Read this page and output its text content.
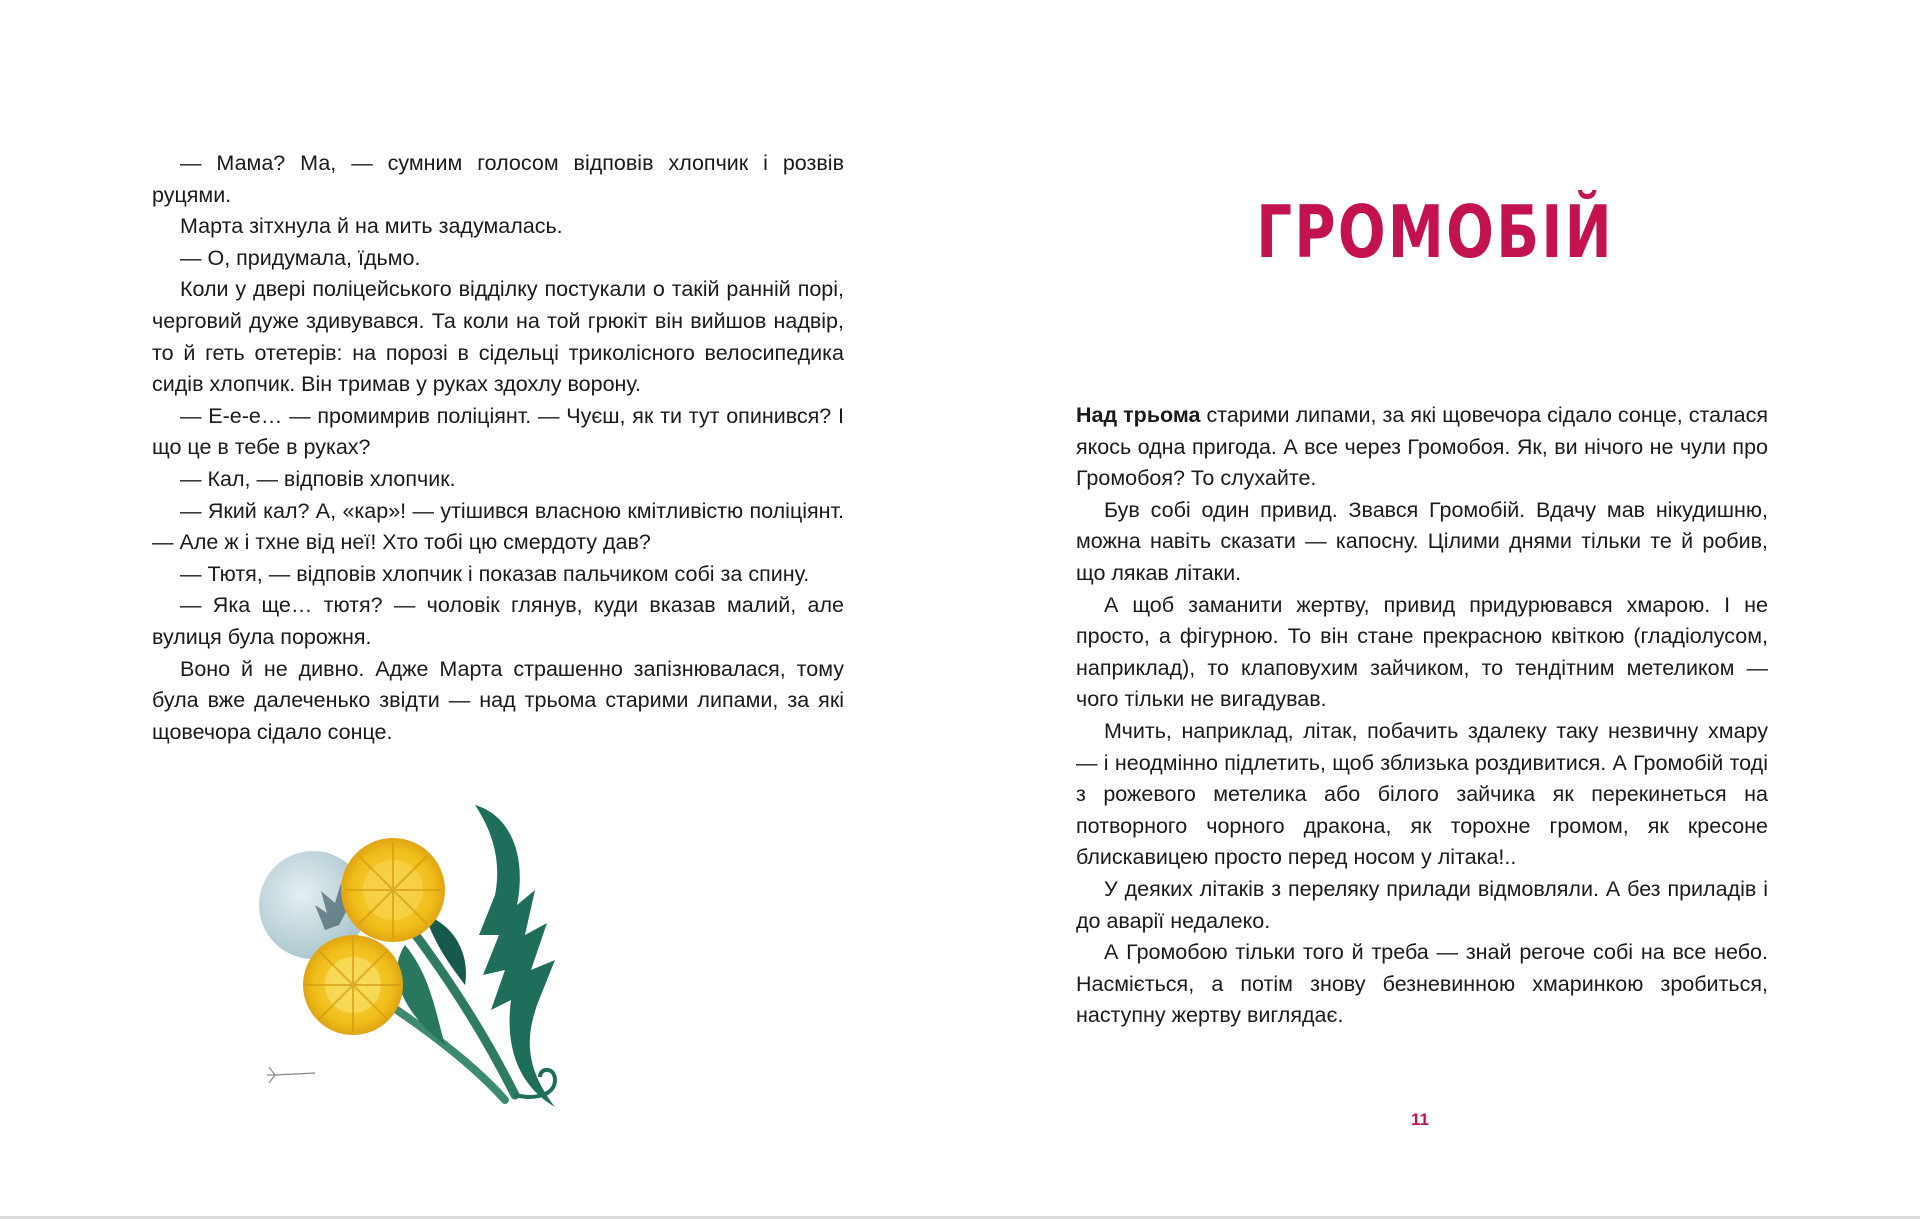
— Мама? Ма, — сумним голосом відповів хлопчик і розвів руцями.

Марта зітхнула й на мить задумалась.

— О, придумала, їдьмо.

Коли у двері поліцейського відділку постукали о такій ранній порі, черговий дуже здивувався. Та коли на той грюкіт він вийшов надвір, то й геть отетерів: на порозі в сідельці триколісного велосипедика сидів хлопчик. Він тримав у руках здохлу ворону.

— Е-е-е… — промимрив поліціянт. — Чуєш, як ти тут опинився? І що це в тебе в руках?

— Кал, — відповів хлопчик.

— Який кал? А, «кар»! — утішився власною кмітливістю поліціянт. — Але ж і тхне від неї! Хто тобі цю смердоту дав?

— Тютя, — відповів хлопчик і показав пальчиком собі за спину.

— Яка ще… тютя? — чоловік глянув, куди вказав малий, але вулиця була порожня.

Воно й не дивно. Адже Марта страшенно запізнювалася, тому була вже далеченько звідти — над трьома старими липами, за які щовечора сідало сонце.

ГРОМОБІЙ

Над трьома старими липами, за які щовечора сідало сонце, сталася якось одна пригода. А все через Громобоя. Як, ви нічого не чули про Громобоя? То слухайте.

Був собі один привид. Звався Громобій. Вдачу мав нікудишню, можна навіть сказати — капосну. Цілими днями тільки те й робив, що лякав літаки.

А щоб заманити жертву, привид придурювався хмарою. І не просто, а фігурною. То він стане прекрасною квіткою (гладіолусом, наприклад), то клаповухим зайчиком, то тендітним метеликом — чого тільки не вигадував.

Мчить, наприклад, літак, побачить здалеку таку незвичну хмару — і неодмінно підлетить, щоб зблизька роздивитися. А Громобій тоді з рожевого метелика або білого зайчика як перекинеться на потворного чорного дракона, як торохне громом, як кресоне блискавицею просто перед носом у літака!..

У деяких літаків з переляку прилади відмовляли. А без приладів і до аварії недалеко.

А Громобою тільки того й треба — знай регоче собі на все небо. Насміється, а потім знову безневинною хмаринкою зробиться, наступну жертву виглядає.

11
